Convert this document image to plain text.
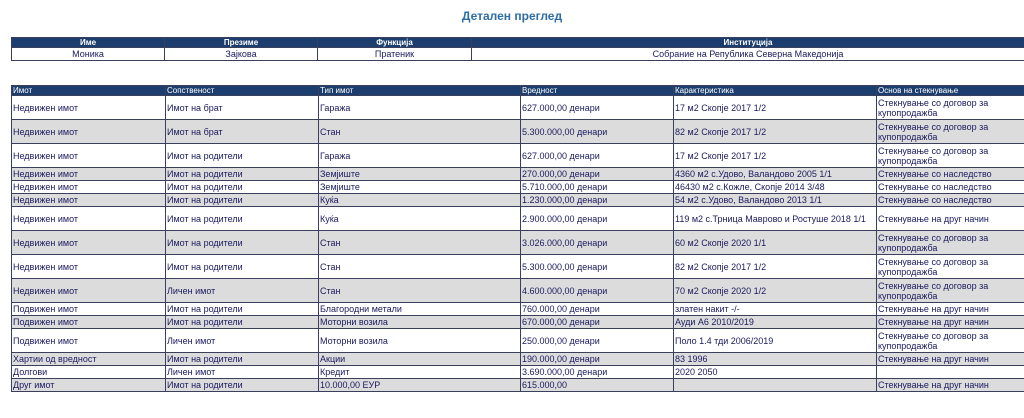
Детален преглед
Име	Презиме	Функција	Институција
Моника	Зајкова	Пратеник	Собрание на Република Северна Македонија
Имот	Сопственост	Тип имот	Вредност	Карактеристика	Основ на стекнување
Недвижен имот	Имот на брат	Гаража	627.000,00 денари	17 м2 Скопје 2017 1/2	Стекнување со договор за купопродажба
Недвижен имот	Имот на брат	Стан	5.300.000,00 денари	82 м2 Скопје 2017 1/2	Стекнување со договор за купопродажба
Недвижен имот	Имот на родители	Гаража	627.000,00 денари	17 м2 Скопје 2017 1/2	Стекнување со договор за купопродажба
Недвижен имот	Имот на родители	Земјиште	270.000,00 денари	4360 м2 с.Удово, Валандово 2005 1/1	Стекнување со наследство
Недвижен имот	Имот на родители	Земјиште	5.710.000,00 денари	46430 м2 с.Кожле, Скопје 2014 3/48	Стекнување со наследство
Недвижен имот	Имот на родители	Куќа	1.230.000,00 денари	54 м2 с.Удово, Валандово 2013 1/1	Стекнување со наследство
Недвижен имот	Имот на родители	Куќа	2.900.000,00 денари	119 м2 с.Трница Маврово и Ростуше 2018 1/1	Стекнување на друг начин
Недвижен имот	Имот на родители	Стан	3.026.000,00 денари	60 м2 Скопје 2020 1/1	Стекнување со договор за купопродажба
Недвижен имот	Имот на родители	Стан	5.300.000,00 денари	82 м2 Скопје 2017 1/2	Стекнување со договор за купопродажба
Недвижен имот	Личен имот	Стан	4.600.000,00 денари	70 м2 Скопје 2020 1/2	Стекнување со договор за купопродажба
Подвижен имот	Имот на родители	Благородни метали	760.000,00 денари	златен накит -/-	Стекнување на друг начин
Подвижен имот	Имот на родители	Моторни возила	670.000,00 денари	Ауди А6 2010/2019	Стекнување на друг начин
Подвижен имот	Личен имот	Моторни возила	250.000,00 денари	Поло 1.4 тди 2006/2019	Стекнување со договор за купопродажба
Хартии од вредност	Имот на родители	Акции	190.000,00 денари	83 1996	Стекнување на друг начин
Долгови	Личен имот	Кредит	3.690.000,00 денари	2020 2050	
Друг имот	Имот на родители	10.000,00 ЕУР	615.000,00		Стекнување на друг начин
